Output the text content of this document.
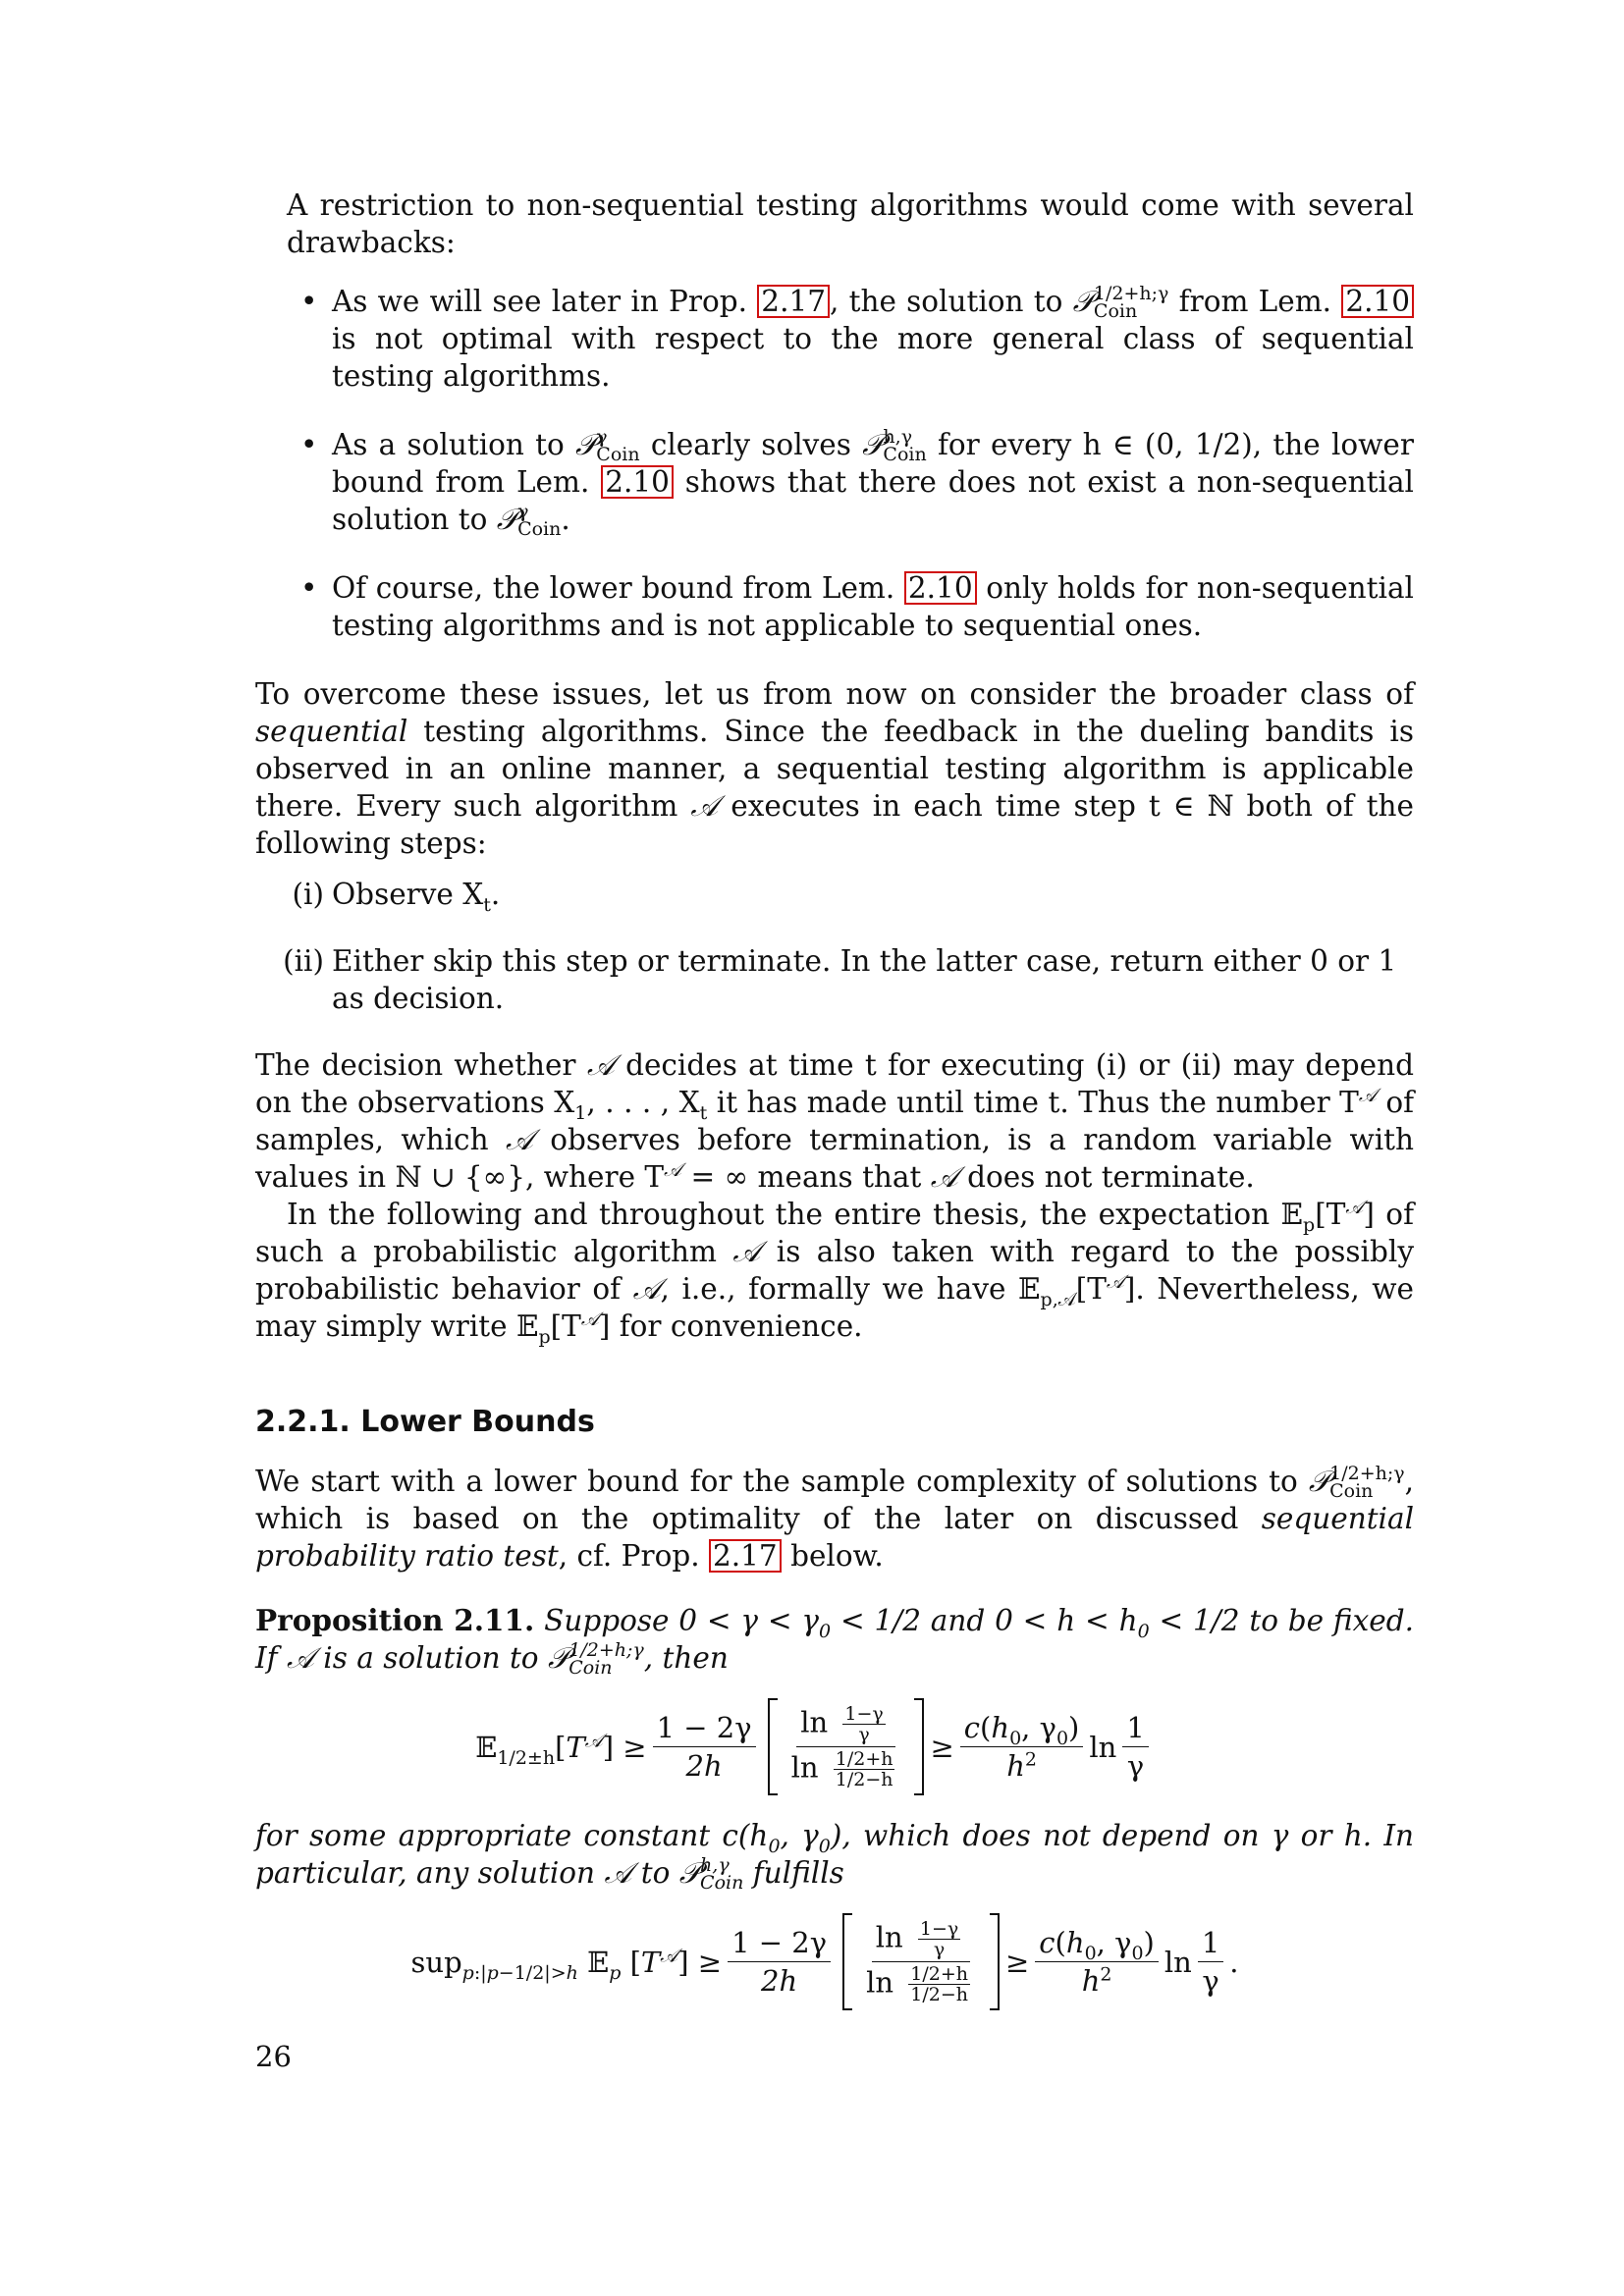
A restriction to non-sequential testing algorithms would come with several drawbacks:

• As we will see later in Prop. 2.17 , the solution to 𝒫 1/2+h;γ
Coin	from Lem. 2.10 is not optimal with respect to the more general class of sequential testing algorithms.
• As a solution to 𝒫 γ
Coin clearly solves 𝒫 h,γ
Coin for every h ∈ (0, 1/2), the lower bound from Lem. 2.10 shows that there does not exist a non-sequential solution to 𝒫 γ
Coin .
• Of course, the lower bound from Lem. 2.10 only holds for non-sequential testing algorithms and is not applicable to sequential ones.

To overcome these issues, let us from now on consider the broader class of sequential testing algorithms. Since the feedback in the dueling bandits is observed in an online manner, a sequential testing algorithm is applicable there. Every such algorithm 𝒜 executes in each time step t ∈ ℕ both of the following steps:

(i) Observe $X_t$.
(ii) Either skip this step or terminate. In the latter case, return either 0 or 1 as decision.

The decision whether 𝒜 decides at time t for executing (i) or (ii) may depend on the observations $X_1$, . . . , $X_t$ it has made until time t. Thus the number $T^𝒜$ of samples, which 𝒜 observes before termination, is a random variable with values in ℕ ∪ {∞}, where $T^𝒜$ = ∞ means that 𝒜 does not terminate.

In the following and throughout the entire thesis, the expectation $𝔼_p[T^𝒜]$ of such a probabilistic algorithm 𝒜 is also taken with regard to the possibly probabilistic behavior of 𝒜, i.e., formally we have $𝔼_{p,𝒜}[T^𝒜]$. Nevertheless, we may simply write $𝔼_p[T^𝒜]$ for convenience.

2.2.1. Lower Bounds

We start with a lower bound for the sample complexity of solutions to 𝒫 1/2+h;γ
Coin	, which is based on the optimality of the later on discussed sequential probability ratio test, cf. Prop. 2.17 below.

Proposition 2.11. Suppose $0 < \gamma < \gamma_0 < 1/2$ and $0 < h < h_0 < 1/2$ to be fixed. If 𝒜 is a solution to 𝒫 1/2+h;γ
Coin	, then

$𝔼_{1/2\pm h}[T^𝒜] \ge \frac{1 - 2\gamma}{2h} \frac{\ln \frac{1-\gamma}{\gamma}}{\ln \frac{1/2+h}{1/2-h}} \ge \frac{c(h_0, \gamma_0)}{h^2}$ $\ln \frac{1}{\gamma}$

for some appropriate constant $c(h_0$, $\gamma_0$), which does not depend on γ or h. In particular, any solution 𝒜 to 𝒫 h,γ
Coin fulfills

sup$_{p:|p-1/2|>h}$ 𝔼$_p$ $[T^𝒜] \ge \frac{1 - 2\gamma}{2h} \frac{\ln \frac{1-\gamma}{\gamma}}{\ln \frac{1/2+h}{1/2-h}} \ge \frac{c(h_0, \gamma_0)}{h^2}$ $\ln \frac{1}{\gamma}$ .
26
